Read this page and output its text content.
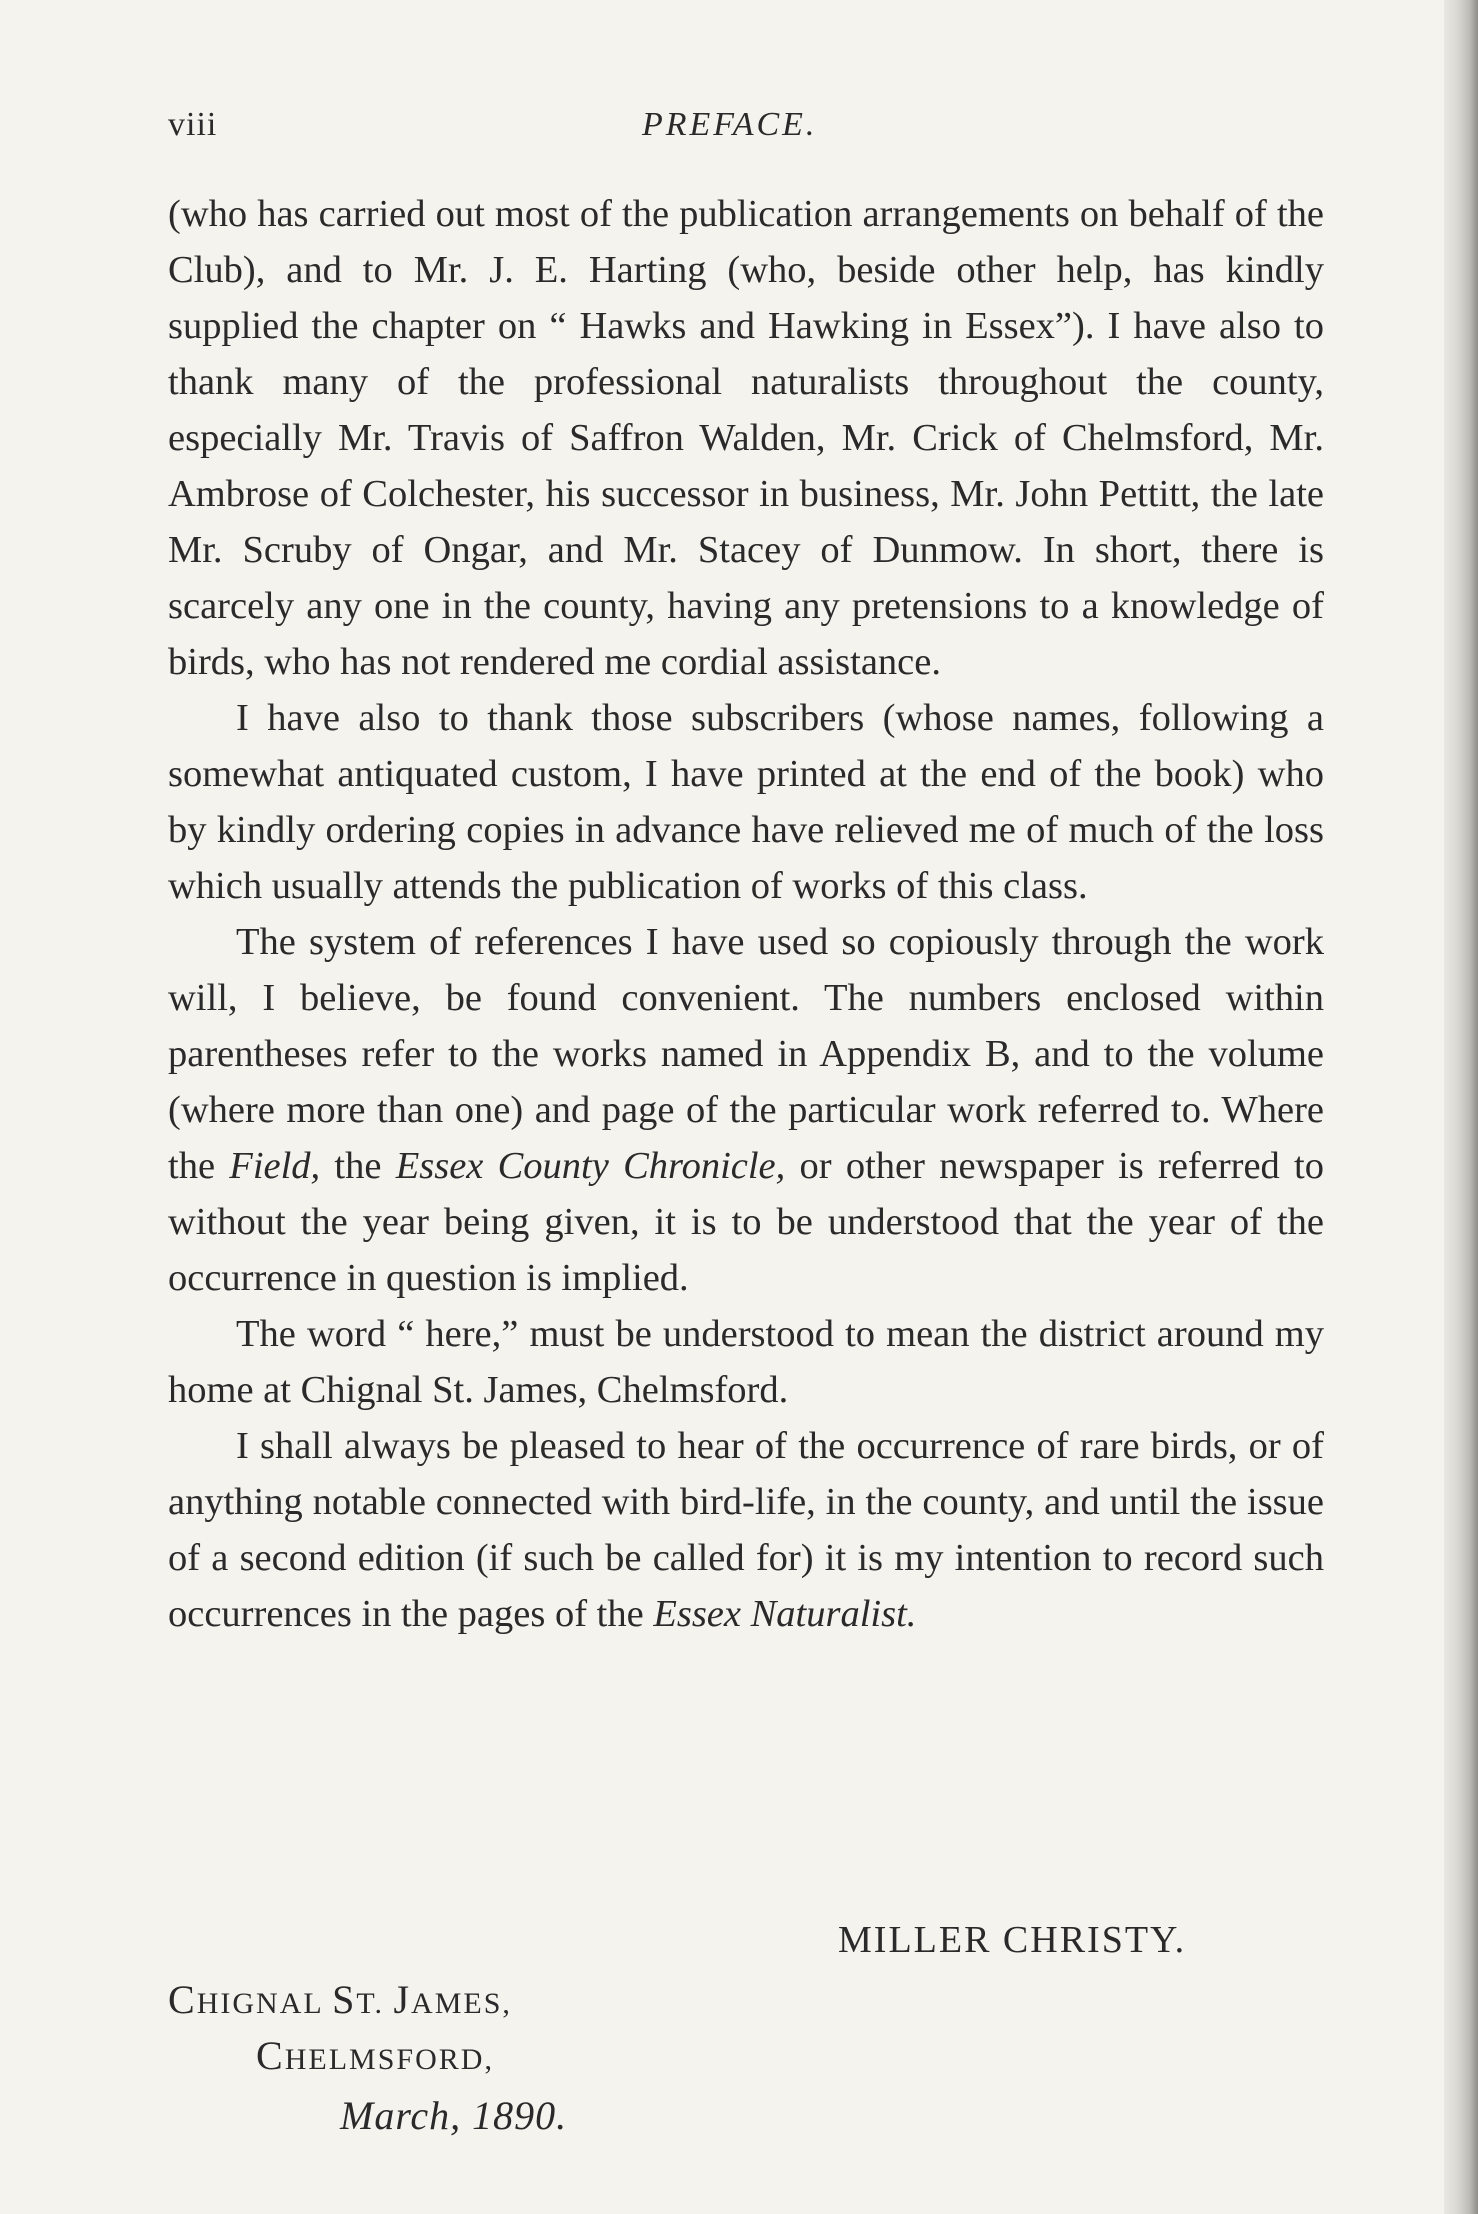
viii	PREFACE.

(who has carried out most of the publication arrangements on behalf of the Club), and to Mr. J. E. Harting (who, beside other help, has kindly supplied the chapter on “ Hawks and Hawking in Essex”). I have also to thank many of the professional naturalists throughout the county, especially Mr. Travis of Saffron Walden, Mr. Crick of Chelmsford, Mr. Ambrose of Colchester, his successor in business, Mr. John Pettitt, the late Mr. Scruby of Ongar, and Mr. Stacey of Dunmow. In short, there is scarcely any one in the county, having any pretensions to a knowledge of birds, who has not rendered me cordial assistance.

I have also to thank those subscribers (whose names, following a somewhat antiquated custom, I have printed at the end of the book) who by kindly ordering copies in advance have relieved me of much of the loss which usually attends the publication of works of this class.

The system of references I have used so copiously through the work will, I believe, be found convenient. The numbers enclosed within parentheses refer to the works named in Appendix B, and to the volume (where more than one) and page of the particular work referred to. Where the Field, the Essex County Chronicle, or other newspaper is referred to without the year being given, it is to be understood that the year of the occurrence in question is implied.

The word “ here,” must be understood to mean the district around my home at Chignal St. James, Chelmsford.

I shall always be pleased to hear of the occurrence of rare birds, or of anything notable connected with bird-life, in the county, and until the issue of a second edition (if such be called for) it is my intention to record such occurrences in the pages of the Essex Naturalist.

MILLER CHRISTY.
CHIGNAL ST. JAMES,
CHELMSFORD,
March, 1890.
